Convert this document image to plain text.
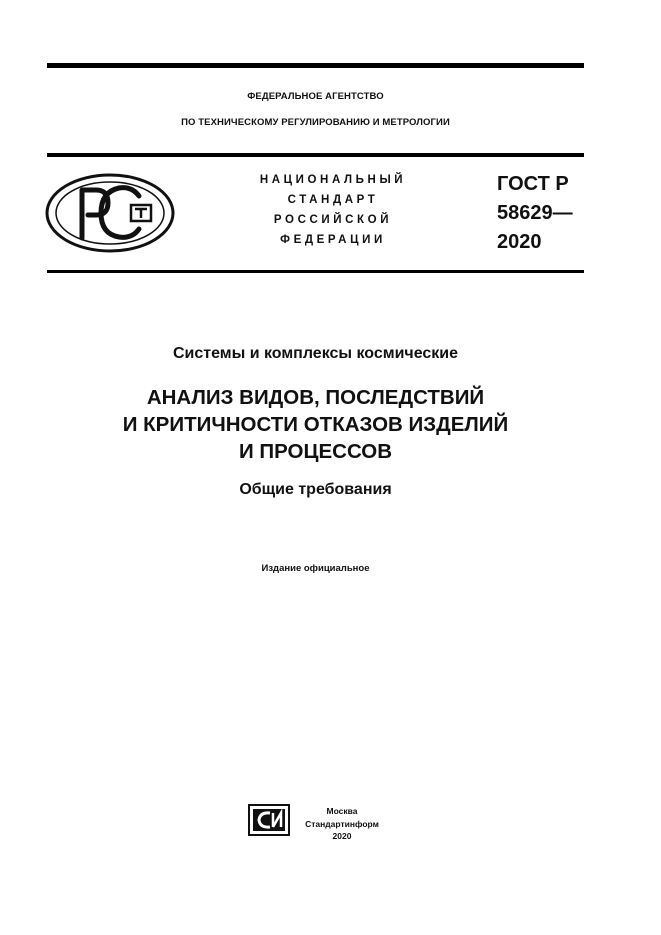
ФЕДЕРАЛЬНОЕ АГЕНТСТВО
ПО ТЕХНИЧЕСКОМУ РЕГУЛИРОВАНИЮ И МЕТРОЛОГИИ
НАЦИОНАЛЬНЫЙ
СТАНДАРТ
РОССИЙСКОЙ
ФЕДЕРАЦИИ
ГОСТ Р
58629—
2020
Системы и комплексы космические
АНАЛИЗ ВИДОВ, ПОСЛЕДСТВИЙ
И КРИТИЧНОСТИ ОТКАЗОВ ИЗДЕЛИЙ
И ПРОЦЕССОВ
Общие требования
Издание официальное
Москва
Стандартинформ
2020
